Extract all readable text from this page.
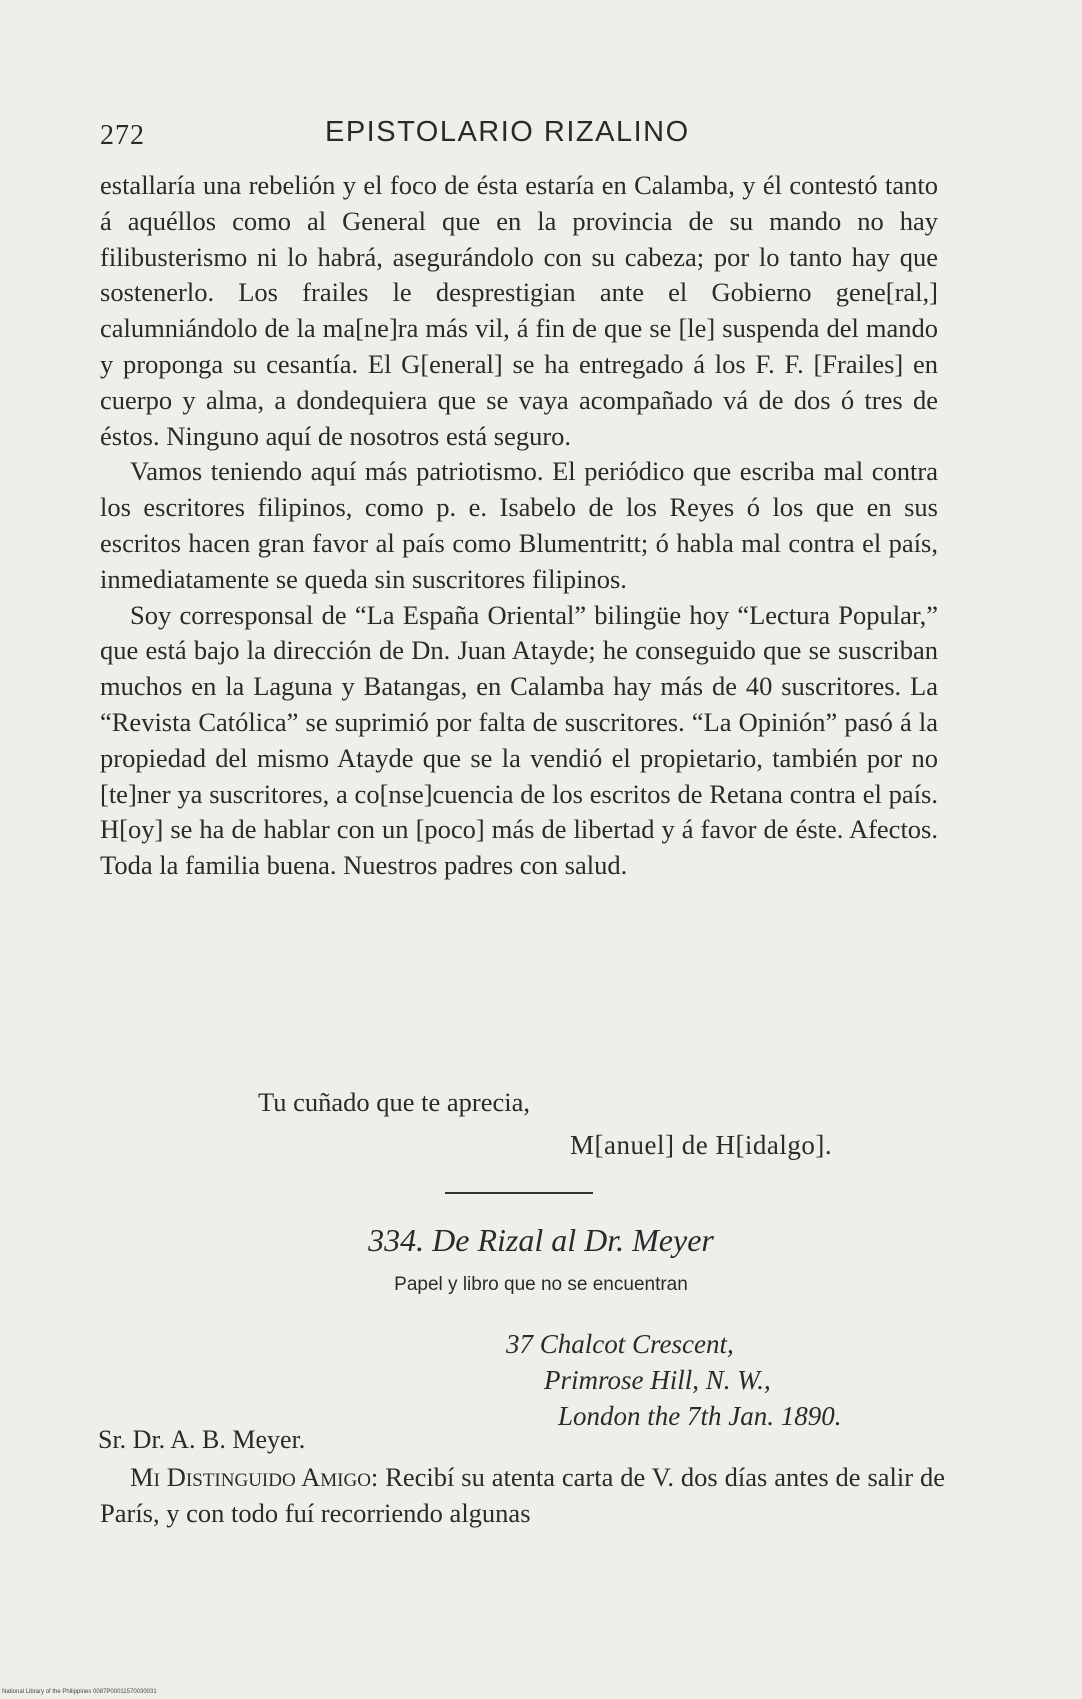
272	EPISTOLARIO RIZALINO

estallaría una rebelión y el foco de ésta estaría en Calamba, y él contestó tanto á aquéllos como al General que en la provincia de su mando no hay filibusterismo ni lo habrá, asegurándolo con su cabeza; por lo tanto hay que sostenerlo. Los frailes le desprestigian ante el Gobierno gene[ral,] calumniándolo de la ma[ne]ra más vil, á fin de que se [le] suspenda del mando y proponga su cesantía. El G[eneral] se ha entregado á los F. F. [Frailes] en cuerpo y alma, a dondequiera que se vaya acompañado vá de dos ó tres de éstos. Ninguno aquí de nosotros está seguro.

Vamos teniendo aquí más patriotismo. El periódico que escriba mal contra los escritores filipinos, como p. e. Isabelo de los Reyes ó los que en sus escritos hacen gran favor al país como Blumentritt; ó habla mal contra el país, inmediatamente se queda sin suscritores filipinos.

Soy corresponsal de “La España Oriental” bilingüe hoy “Lectura Popular,” que está bajo la dirección de Dn. Juan Atayde; he conseguido que se suscriban muchos en la Laguna y Batangas, en Calamba hay más de 40 suscritores. La “Revista Católica” se suprimió por falta de suscritores. “La Opinión” pasó á la propiedad del mismo Atayde que se la vendió el propietario, también por no [te]ner ya suscritores, a co[nse]cuencia de los escritos de Retana contra el país. H[oy] se ha de hablar con un [poco] más de libertad y á favor de éste. Afectos. Toda la familia buena. Nuestros padres con salud.

Tu cuñado que te aprecia,
M[anuel] de H[idalgo].
334. De Rizal al Dr. Meyer
Papel y libro que no se encuentran
37 Chalcot Crescent,
Primrose Hill, N. W.,
London the 7th Jan. 1890.
Sr. Dr. A. B. Meyer.

Mi Distinguido Amigo: Recibí su atenta carta de V. dos días antes de salir de París, y con todo fuí recorriendo algunas

National Library of the Philippines 0087P00011570030031
